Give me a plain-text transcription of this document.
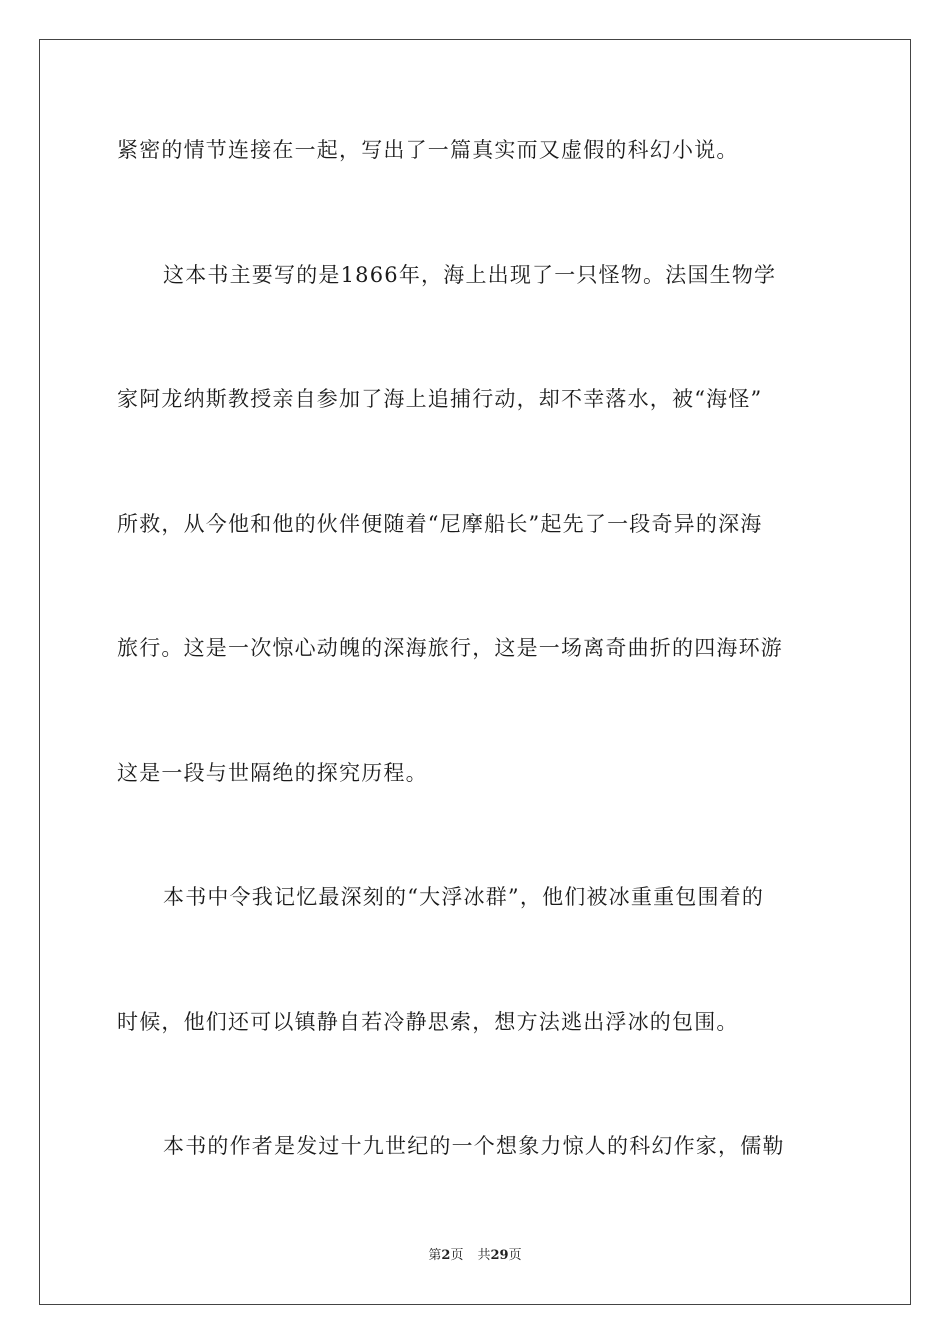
紧密的情节连接在一起，写出了一篇真实而又虚假的科幻小说。
这本书主要写的是1866年，海上出现了一只怪物。法国生物学
家阿龙纳斯教授亲自参加了海上追捕行动，却不幸落水，被“海怪”
所救，从今他和他的伙伴便随着“尼摩船长”起先了一段奇异的深海
旅行。这是一次惊心动魄的深海旅行，这是一场离奇曲折的四海环游
这是一段与世隔绝的探究历程。
本书中令我记忆最深刻的“大浮冰群”，他们被冰重重包围着的
时候，他们还可以镇静自若冷静思索，想方法逃出浮冰的包围。
本书的作者是发过十九世纪的一个想象力惊人的科幻作家，儒勒
第2页 共29页
